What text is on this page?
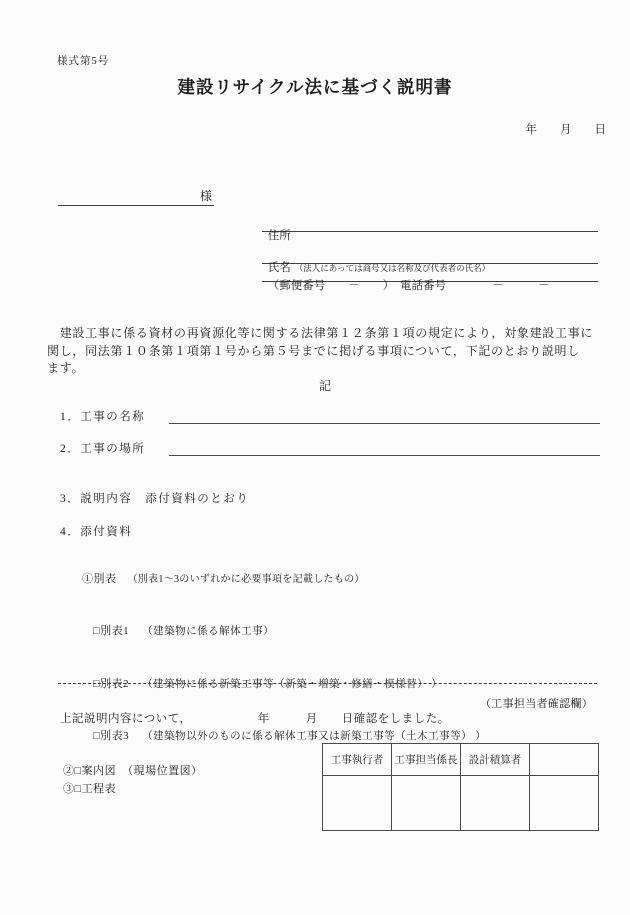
様式第5号
建設リサイクル法に基づく説明書
年　　月　　日

様

住所

氏名 （法人にあっては商号又は名称及び代表者の氏名）

（郵便番号　　－　　）　電話番号　　　　－　　　－

　建設工事に係る資材の再資源化等に関する法律第１２条第１項の規定により，対象建設工事に
関し，同法第１０条第１項第１号から第５号までに掲げる事項について，下記のとおり説明し
ます。
記
1．工事の名称
2．工事の場所
3．説明内容　添付資料のとおり
4．添付資料

①別表 （別表1～3のいずれかに必要事項を記載したもの）

□別表1 （建築物に係る解体工事）

□別表2 （建築物に係る新築工事等（新築・増築・修繕・模様替） ）

□別表3 （建築物以外のものに係る解体工事又は新築工事等（土木工事等） ）

②□案内図　（現場位置図）
③□工程表
（工事担当者確認欄）
上記説明内容について，　　　　　　年　　　月　　日確認をしました。
工事執行者	工事担当係長	設計積算者	
